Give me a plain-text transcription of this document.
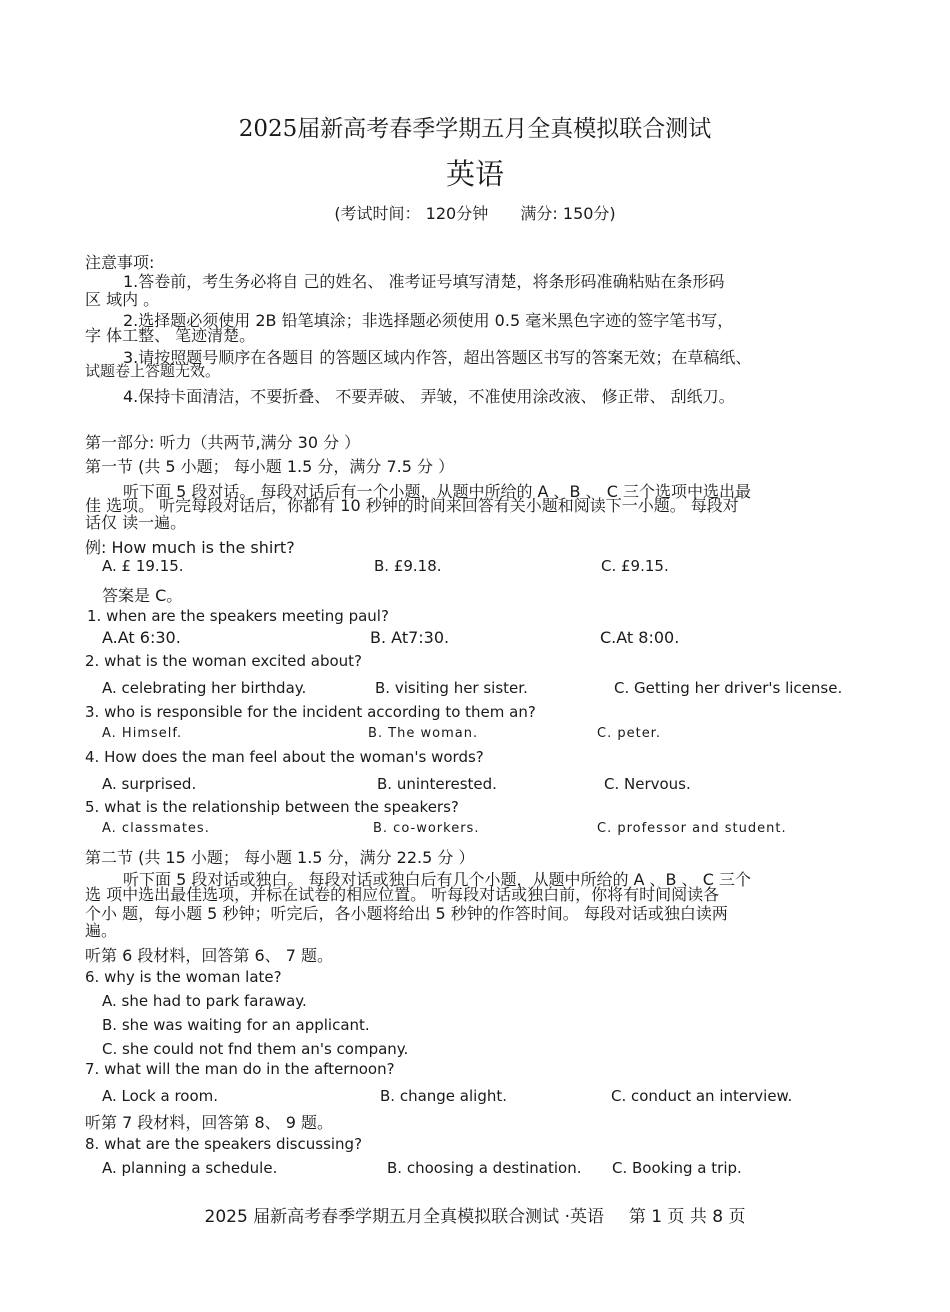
2025届新高考春季学期五月全真模拟联合测试
英语
(考试时间： 120分钟 满分: 150分)
注意事项:
1.答卷前，考生务必将自 己的姓名、 准考证号填写清楚，将条形码准确粘贴在条形码
区 域内 。
2.选择题必须使用 2B 铅笔填涂；非选择题必须使用 0.5 毫米黑色字迹的签字笔书写，
字 体工整、 笔迹清楚。
3.请按照题号顺序在各题目 的答题区域内作答，超出答题区书写的答案无效；在草稿纸、
试题卷上答题无效。
4.保持卡面清洁，不要折叠、 不要弄破、 弄皱，不准使用涂改液、 修正带、 刮纸刀。
第一部分: 听力（共两节,满分 30 分 ）
第一节 (共 5 小题； 每小题 1.5 分，满分 7.5 分 ）
听下面 5 段对话。 每段对话后有一个小题，从题中所给的 A 、B 、 C 三个选项中选出最
佳 选项。 听完每段对话后，你都有 10 秒钟的时间来回答有关小题和阅读下一小题。 每段对
话仅 读一遍。
例: How much is the shirt?
A. £ 19.15.	B. £9.18.	C. £9.15.
答案是 C。
1. when are the speakers meeting paul?
A.At 6:30.	B. At7:30.	C.At 8:00.
2. what is the woman excited about?
A. celebrating her birthday.	B. visiting her sister.	C. Getting her driver's license.
3. who is responsible for the incident according to them an?
A. Himself.	B. The woman.	C. peter.
4. How does the man feel about the woman's words?
A. surprised.	B. uninterested.	C. Nervous.
5. what is the relationship between the speakers?
A. classmates.	B. co-workers.	C. professor and student.
第二节 (共 15 小题； 每小题 1.5 分，满分 22.5 分 ）
听下面 5 段对话或独白。 每段对话或独白后有几个小题，从题中所给的 A 、B 、 C 三个
选 项中选出最佳选项，并标在试卷的相应位置。 听每段对话或独白前，你将有时间阅读各
个小 题，每小题 5 秒钟；听完后，各小题将给出 5 秒钟的作答时间。 每段对话或独白读两
遍。
听第 6 段材料，回答第 6、 7 题。
6. why is the woman late?
A. she had to park faraway.
B. she was waiting for an applicant.
C. she could not fnd them an's company.
7. what will the man do in the afternoon?
A. Lock a room.	B. change alight.	C. conduct an interview.
听第 7 段材料，回答第 8、 9 题。
8. what are the speakers discussing?
A. planning a schedule.	B. choosing a destination. C. Booking a trip.
2025 届新高考春季学期五月全真模拟联合测试 ·英语 第 1 页 共 8 页
